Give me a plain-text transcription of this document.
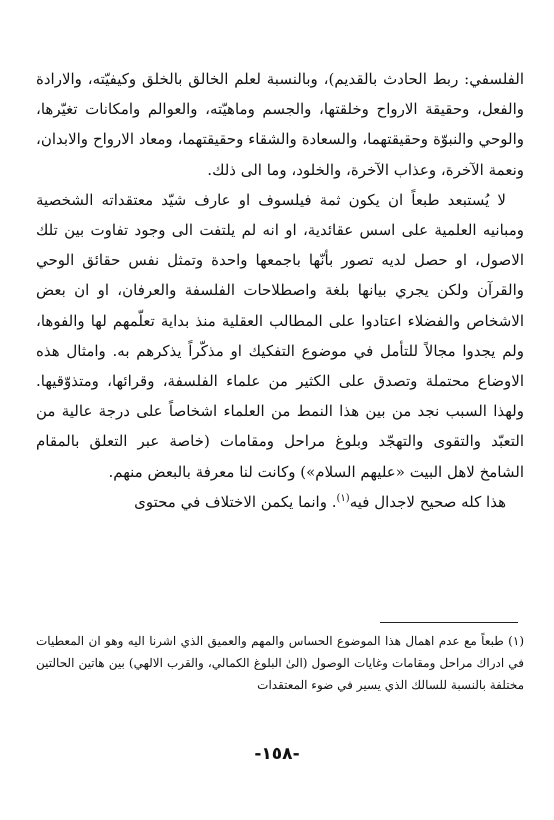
الفلسفي: ربط الحادث بالقديم)، وبالنسبة لعلم الخالق بالخلق وكيفيّته، والارادة والفعل، وحقيقة الارواح وخلقتها، والجسم وماهيّته، والعوالم وامكانات تغيّرها، والوحي والنبوّة وحقيقتهما، والسعادة والشقاء وحقيقتهما، ومعاد الارواح والابدان، ونعمة الآخرة، وعذاب الآخرة، والخلود، وما الى ذلك.

لا يُستبعد طبعاً ان يكون ثمة فيلسوف او عارف شيّد معتقداته الشخصية ومبانيه العلمية على اسس عقائدية، او انه لم يلتفت الى وجود تفاوت بين تلك الاصول، او حصل لديه تصور بأنّها باجمعها واحدة وتمثل نفس حقائق الوحي والقرآن ولكن يجري بيانها بلغة واصطلاحات الفلسفة والعرفان، او ان بعض الاشخاص والفضلاء اعتادوا على المطالب العقلية منذ بداية تعلّمهم لها والفوها، ولم يجدوا مجالاً للتأمل في موضوع التفكيك او مذكّراً يذكرهم به. وامثال هذه الاوضاع محتملة وتصدق على الكثير من علماء الفلسفة، وقرائها، ومتذوّقيها. ولهذا السبب نجد من بين هذا النمط من العلماء اشخاصاً على درجة عالية من التعبّد والتقوى والتهجّد وبلوغ مراحل ومقامات (خاصة عبر التعلق بالمقام الشامخ لاهل البيت «عليهم السلام») وكانت لنا معرفة بالبعض منهم.

هذا كله صحيح لاجدال فيه$^{(١)}$. وانما يكمن الاختلاف في محتوى

(١) طبعاً مع عدم اهمال هذا الموضوع الحساس والمهم والعميق الذي اشرنا اليه وهو ان المعطيات في ادراك مراحل ومقامات وغايات الوصول (الىٰ البلوغ الكمالي، والقرب الالهي) بين هاتين الحالتين مختلفة بالنسبة للسالك الذي يسير في ضوء المعتقدات

-١٥٨-
